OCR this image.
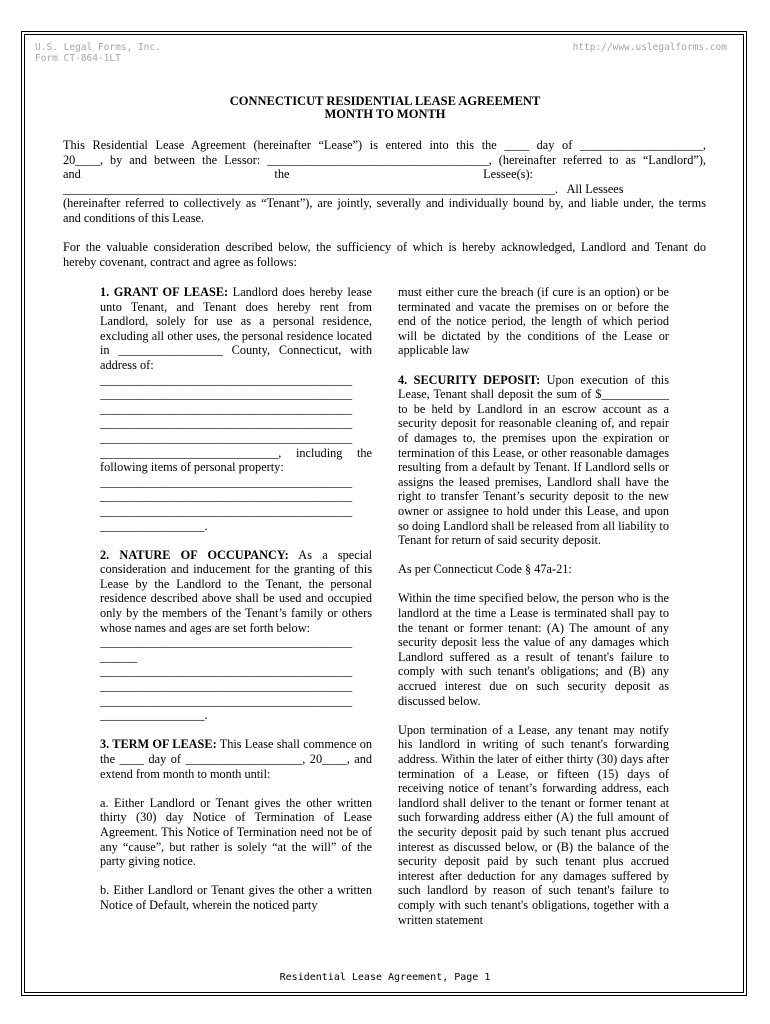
U.S. Legal Forms, Inc.
Form CT-864-1LT
http://www.uslegalforms.com
CONNECTICUT RESIDENTIAL LEASE AGREEMENT
MONTH TO MONTH
This Residential Lease Agreement (hereinafter “Lease”) is entered into this the ____ day of ____________________,
20____, by and between the Lessor: ____________________________________, (hereinafter referred to as “Landlord”),
and                                                               the                                                               Lessee(s):
________________________________________________________________________________.   All Lessees
(hereinafter referred to collectively as “Tenant”), are jointly, severally and individually bound by, and liable under, the terms
and conditions of this Lease.
For the valuable consideration described below, the sufficiency of which is hereby acknowledged, Landlord and Tenant do
hereby covenant, contract and agree as follows:

1. GRANT OF LEASE: Landlord does hereby lease unto Tenant, and Tenant does hereby rent from Landlord, solely for use as a personal residence, excluding all other uses, the personal residence located in _________________ County, Connecticut, with address of:

_________________________________________
_________________________________________
_________________________________________
_________________________________________
_________________________________________

_____________________________, including the following items of personal property:

_________________________________________
_________________________________________
_________________________________________
_________________.

2. NATURE OF OCCUPANCY: As a special consideration and inducement for the granting of this Lease by the Landlord to the Tenant, the personal residence described above shall be used and occupied only by the members of the Tenant’s family or others whose names and ages are set forth below:

_________________________________________
______
_________________________________________
_________________________________________
_________________________________________
_________________.

3. TERM OF LEASE: This Lease shall commence on the ____ day of ___________________, 20____, and extend from month to month until:

a. Either Landlord or Tenant gives the other written thirty (30) day Notice of Termination of Lease Agreement. This Notice of Termination need not be of any “cause”, but rather is solely “at the will” of the party giving notice.

b. Either Landlord or Tenant gives the other a written Notice of Default, wherein the noticed party

must either cure the breach (if cure is an option) or be terminated and vacate the premises on or before the end of the notice period, the length of which period will be dictated by the conditions of the Lease or applicable law

4. SECURITY DEPOSIT: Upon execution of this Lease, Tenant shall deposit the sum of $___________ to be held by Landlord in an escrow account as a security deposit for reasonable cleaning of, and repair of damages to, the premises upon the expiration or termination of this Lease, or other reasonable damages resulting from a default by Tenant. If Landlord sells or assigns the leased premises, Landlord shall have the right to transfer Tenant’s security deposit to the new owner or assignee to hold under this Lease, and upon so doing Landlord shall be released from all liability to Tenant for return of said security deposit.

As per Connecticut Code § 47a-21:

Within the time specified below, the person who is the landlord at the time a Lease is terminated shall pay to the tenant or former tenant: (A) The amount of any security deposit less the value of any damages which Landlord suffered as a result of tenant's failure to comply with such tenant's obligations; and (B) any accrued interest due on such security deposit as discussed below.

Upon termination of a Lease, any tenant may notify his landlord in writing of such tenant's forwarding address. Within the later of either thirty (30) days after termination of a Lease, or fifteen (15) days of receiving notice of tenant’s forwarding address, each landlord shall deliver to the tenant or former tenant at such forwarding address either (A) the full amount of the security deposit paid by such tenant plus accrued interest as discussed below, or (B) the balance of the security deposit paid by such tenant plus accrued interest after deduction for any damages suffered by such landlord by reason of such tenant's failure to comply with such tenant's obligations, together with a written statement

Residential Lease Agreement, Page 1
